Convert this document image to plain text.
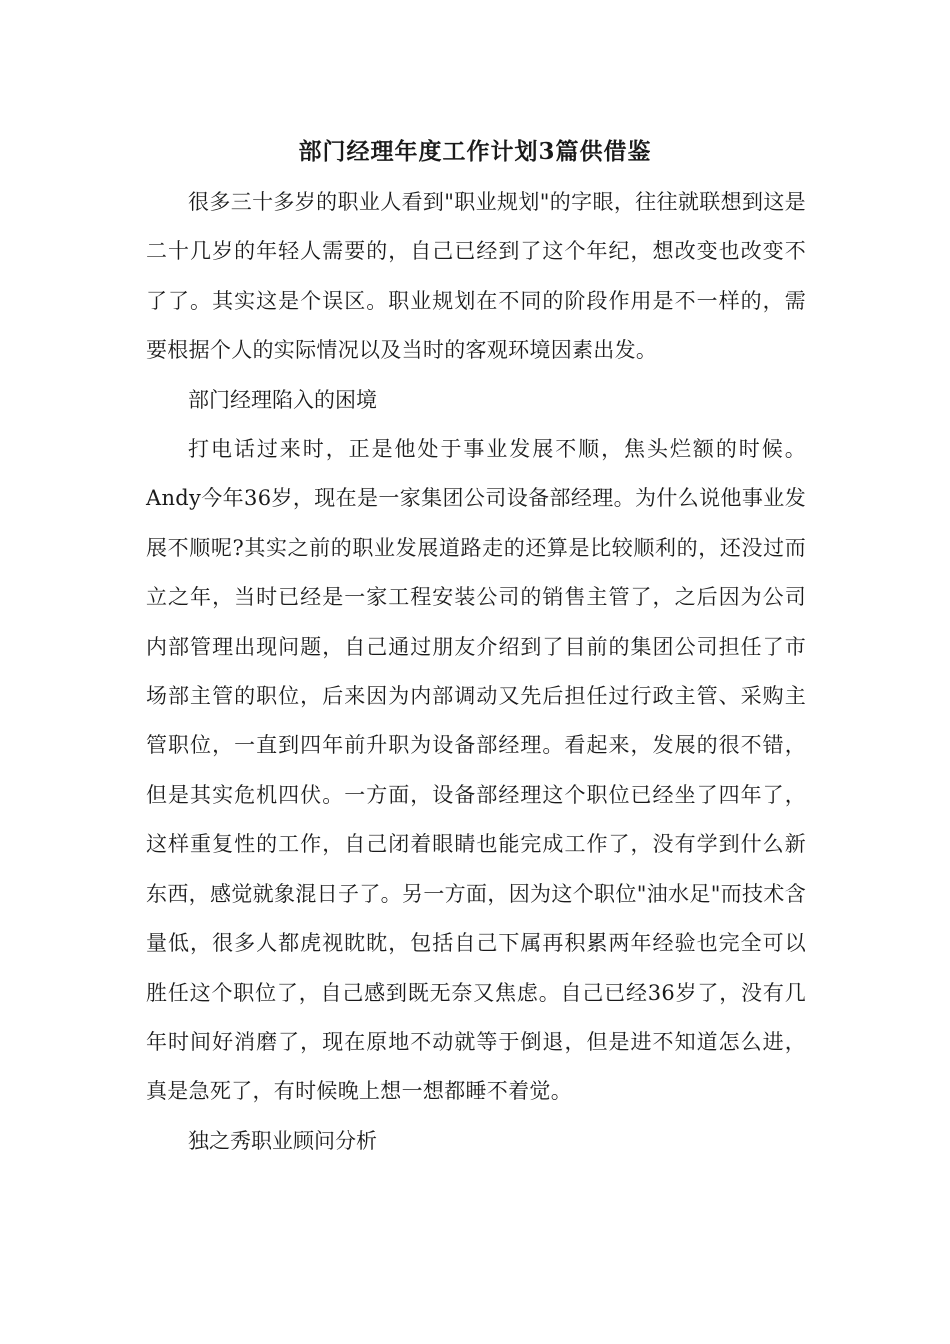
部门经理年度工作计划3篇供借鉴

很多三十多岁的职业人看到"职业规划"的字眼，往往就联想到这是二十几岁的年轻人需要的，自己已经到了这个年纪，想改变也改变不了了。其实这是个误区。职业规划在不同的阶段作用是不一样的，需要根据个人的实际情况以及当时的客观环境因素出发。

部门经理陷入的困境

打电话过来时，正是他处于事业发展不顺，焦头烂额的时候。Andy今年36岁，现在是一家集团公司设备部经理。为什么说他事业发展不顺呢?其实之前的职业发展道路走的还算是比较顺利的，还没过而立之年，当时已经是一家工程安装公司的销售主管了，之后因为公司内部管理出现问题，自己通过朋友介绍到了目前的集团公司担任了市场部主管的职位，后来因为内部调动又先后担任过行政主管、采购主管职位，一直到四年前升职为设备部经理。看起来，发展的很不错，但是其实危机四伏。一方面，设备部经理这个职位已经坐了四年了，这样重复性的工作，自己闭着眼睛也能完成工作了，没有学到什么新东西，感觉就象混日子了。另一方面，因为这个职位"油水足"而技术含量低，很多人都虎视眈眈，包括自己下属再积累两年经验也完全可以胜任这个职位了，自己感到既无奈又焦虑。自己已经36岁了，没有几年时间好消磨了，现在原地不动就等于倒退，但是进不知道怎么进，真是急死了，有时候晚上想一想都睡不着觉。

独之秀职业顾问分析
